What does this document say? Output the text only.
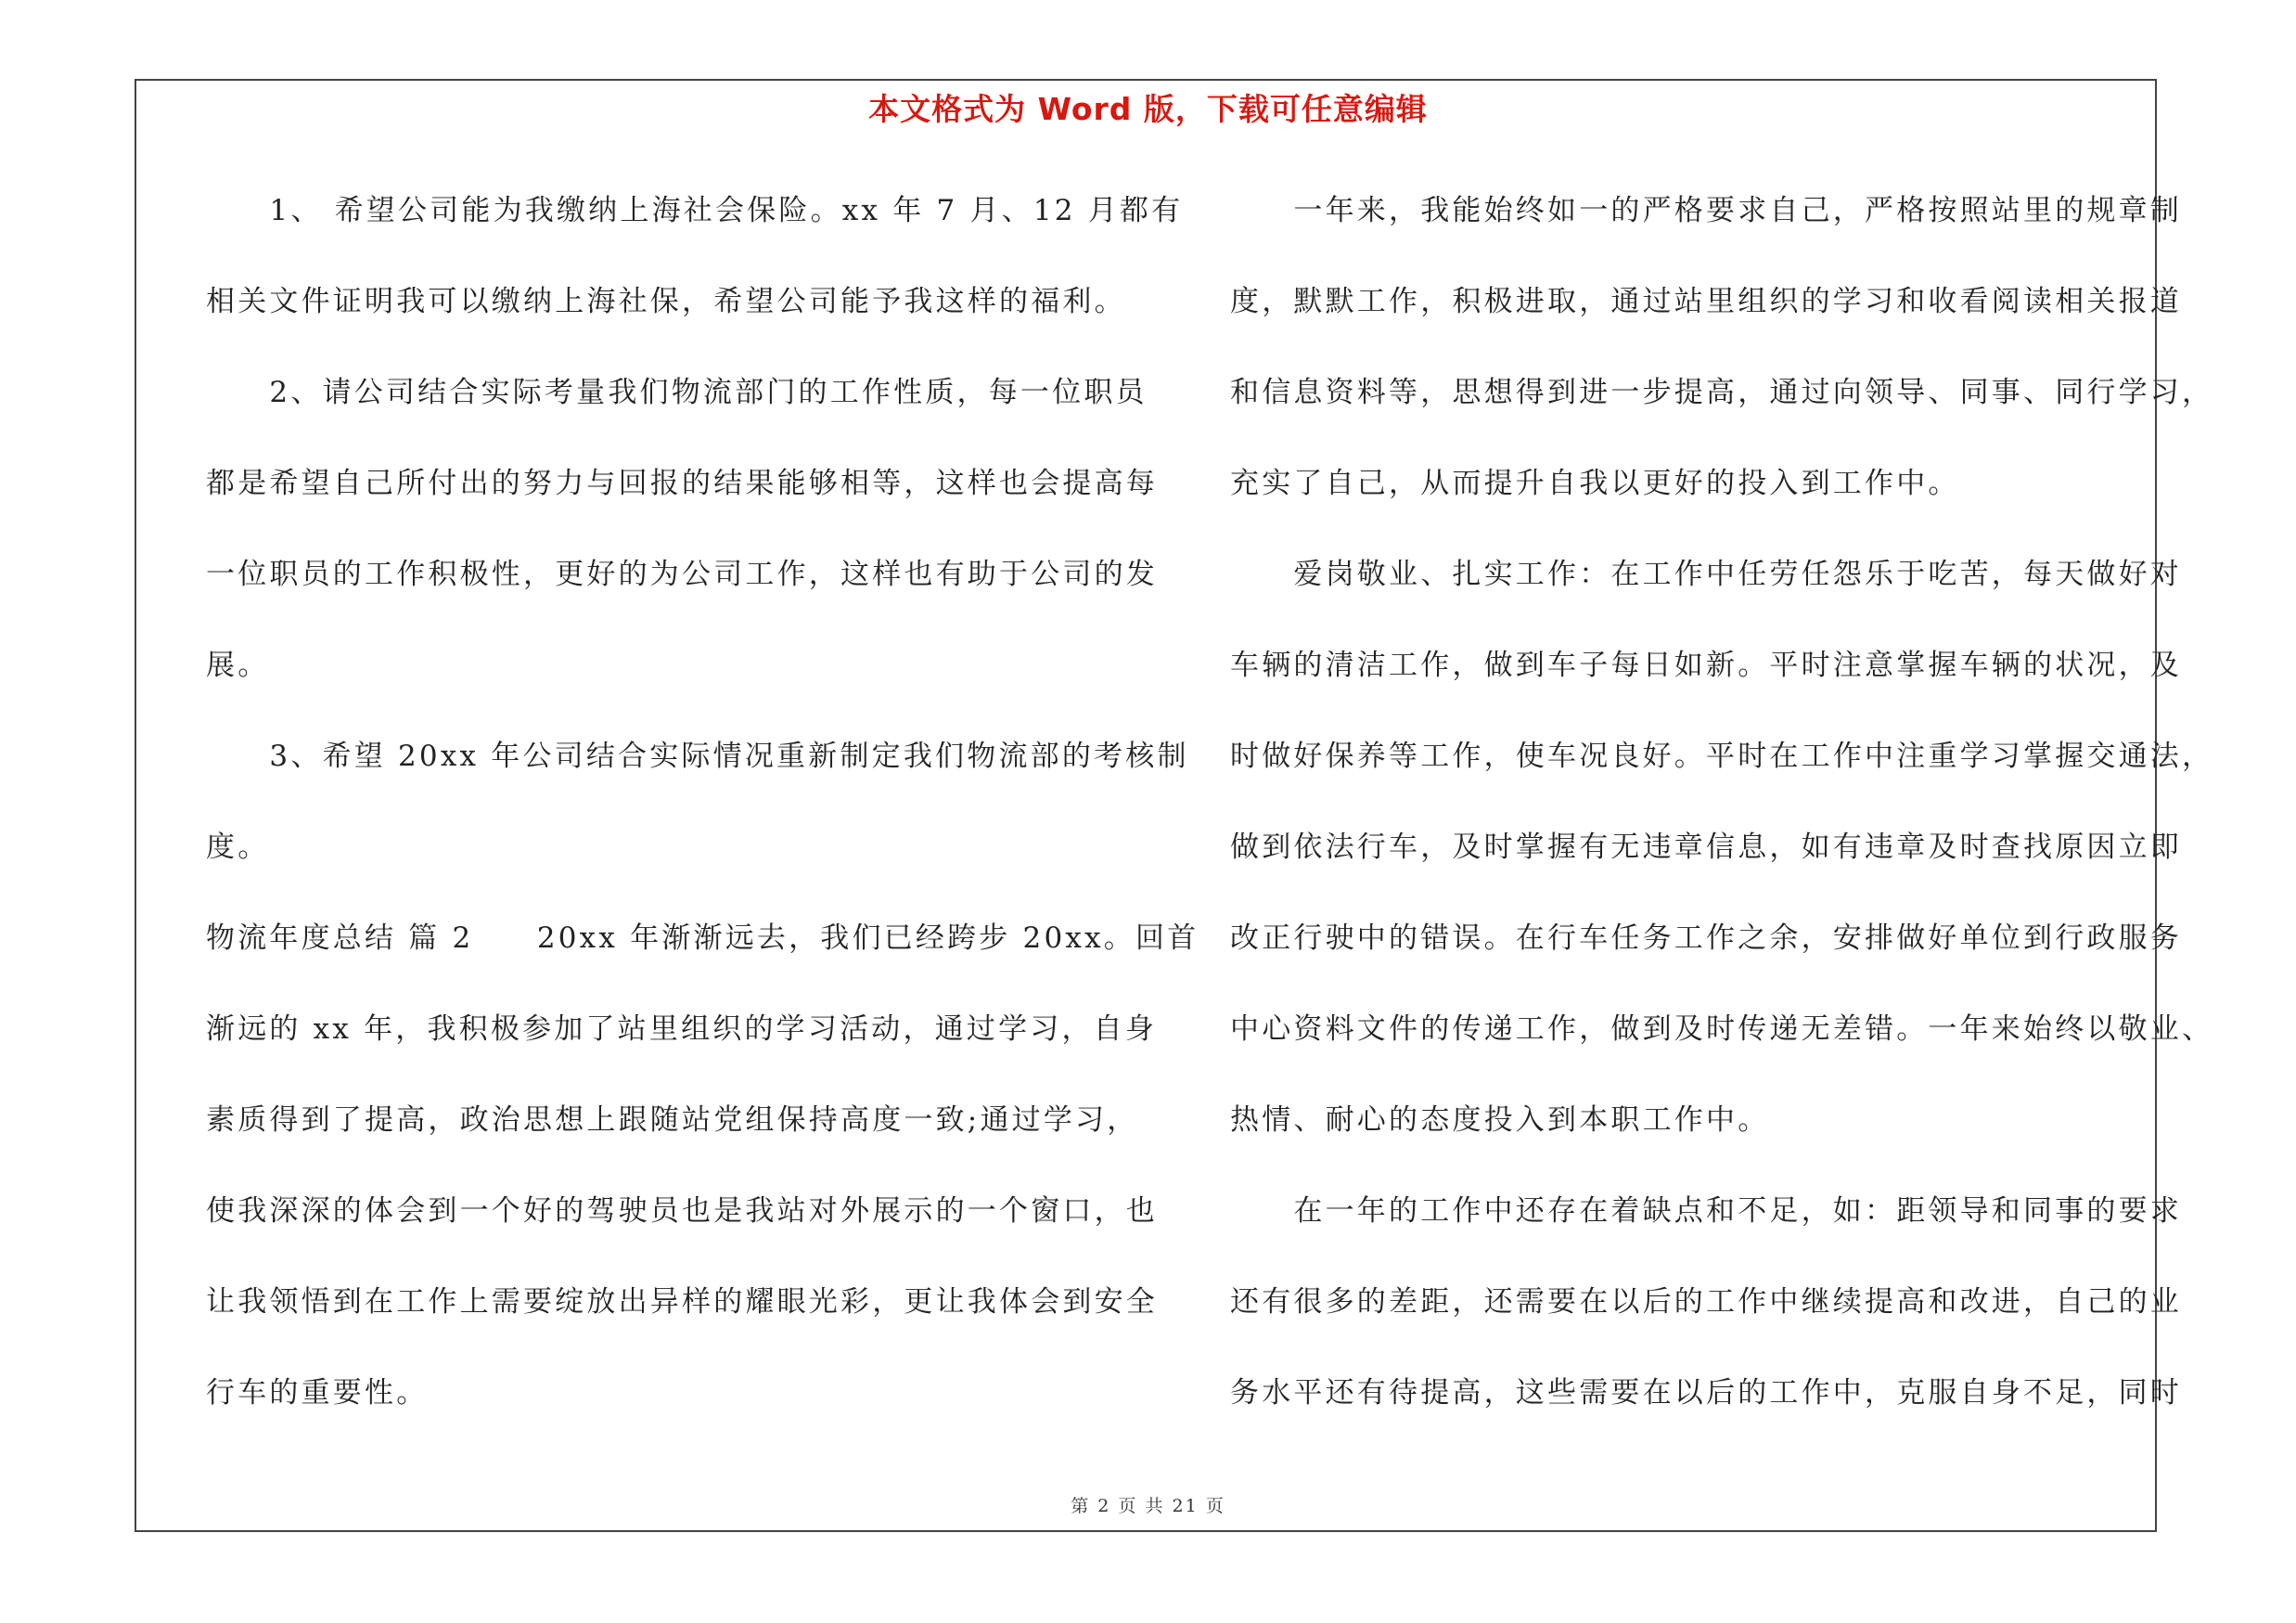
本文格式为 Word 版，下载可任意编辑
　　1、 希望公司能为我缴纳上海社会保险。xx 年 7 月、12 月都有
相关文件证明我可以缴纳上海社保，希望公司能予我这样的福利。
　　2、请公司结合实际考量我们物流部门的工作性质，每一位职员
都是希望自己所付出的努力与回报的结果能够相等，这样也会提高每
一位职员的工作积极性，更好的为公司工作，这样也有助于公司的发
展。
　　3、希望 20xx 年公司结合实际情况重新制定我们物流部的考核制
度。
物流年度总结 篇 2　　20xx 年渐渐远去，我们已经跨步 20xx。回首
渐远的 xx 年，我积极参加了站里组织的学习活动，通过学习，自身
素质得到了提高，政治思想上跟随站党组保持高度一致;通过学习，
使我深深的体会到一个好的驾驶员也是我站对外展示的一个窗口，也
让我领悟到在工作上需要绽放出异样的耀眼光彩，更让我体会到安全
行车的重要性。
　　一年来，我能始终如一的严格要求自己，严格按照站里的规章制
度，默默工作，积极进取，通过站里组织的学习和收看阅读相关报道
和信息资料等，思想得到进一步提高，通过向领导、同事、同行学习，
充实了自己，从而提升自我以更好的投入到工作中。
　　爱岗敬业、扎实工作：在工作中任劳任怨乐于吃苦，每天做好对
车辆的清洁工作，做到车子每日如新。平时注意掌握车辆的状况，及
时做好保养等工作，使车况良好。平时在工作中注重学习掌握交通法，
做到依法行车，及时掌握有无违章信息，如有违章及时查找原因立即
改正行驶中的错误。在行车任务工作之余，安排做好单位到行政服务
中心资料文件的传递工作，做到及时传递无差错。一年来始终以敬业、
热情、耐心的态度投入到本职工作中。
　　在一年的工作中还存在着缺点和不足，如：距领导和同事的要求
还有很多的差距，还需要在以后的工作中继续提高和改进，自己的业
务水平还有待提高，这些需要在以后的工作中，克服自身不足，同时
第 2 页 共 21 页
